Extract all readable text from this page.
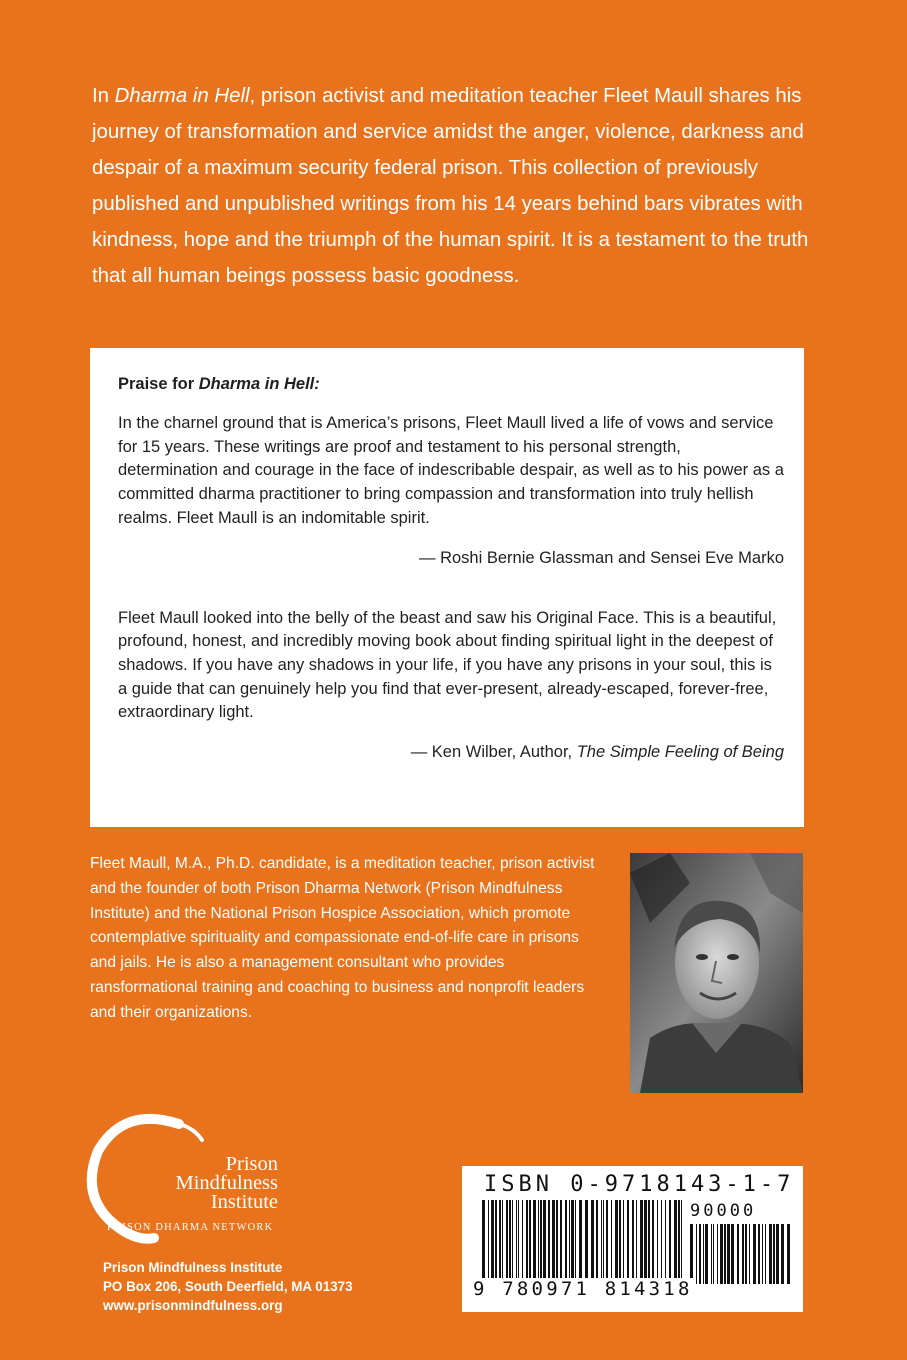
In Dharma in Hell, prison activist and meditation teacher Fleet Maull shares his journey of transformation and service amidst the anger, violence, darkness and despair of a maximum security federal prison. This collection of previously published and unpublished writings from his 14 years behind bars vibrates with kindness, hope and the triumph of the human spirit. It is a testament to the truth that all human beings possess basic goodness.

Praise for Dharma in Hell:

In the charnel ground that is America’s prisons, Fleet Maull lived a life of vows and service for 15 years. These writings are proof and testament to his personal strength, determination and courage in the face of indescribable despair, as well as to his power as a committed dharma practitioner to bring compassion and transformation into truly hellish realms. Fleet Maull is an indomitable spirit.

— Roshi Bernie Glassman and Sensei Eve Marko

Fleet Maull looked into the belly of the beast and saw his Original Face. This is a beautiful, profound, honest, and incredibly moving book about finding spiritual light in the deepest of shadows. If you have any shadows in your life, if you have any prisons in your soul, this is a guide that can genuinely help you find that ever-present, already-escaped, forever-free, extraordinary light.

— Ken Wilber, Author, The Simple Feeling of Being

Fleet Maull, M.A., Ph.D. candidate, is a meditation teacher, prison activist and the founder of both Prison Dharma Network (Prison Mindfulness Institute) and the National Prison Hospice Association, which promote contemplative spirituality and compassionate end-of-life care in prisons and jails. He is also a management consultant who provides ransformational training and coaching to business and nonprofit leaders and their organizations.
Prison
Mindfulness
Institute
PRISON DHARMA NETWORK
Prison Mindfulness Institute
PO Box 206, South Deerfield, MA 01373
www.prisonmindfulness.org
ISBN 0-9718143-1-7
90000
9 780971 814318
